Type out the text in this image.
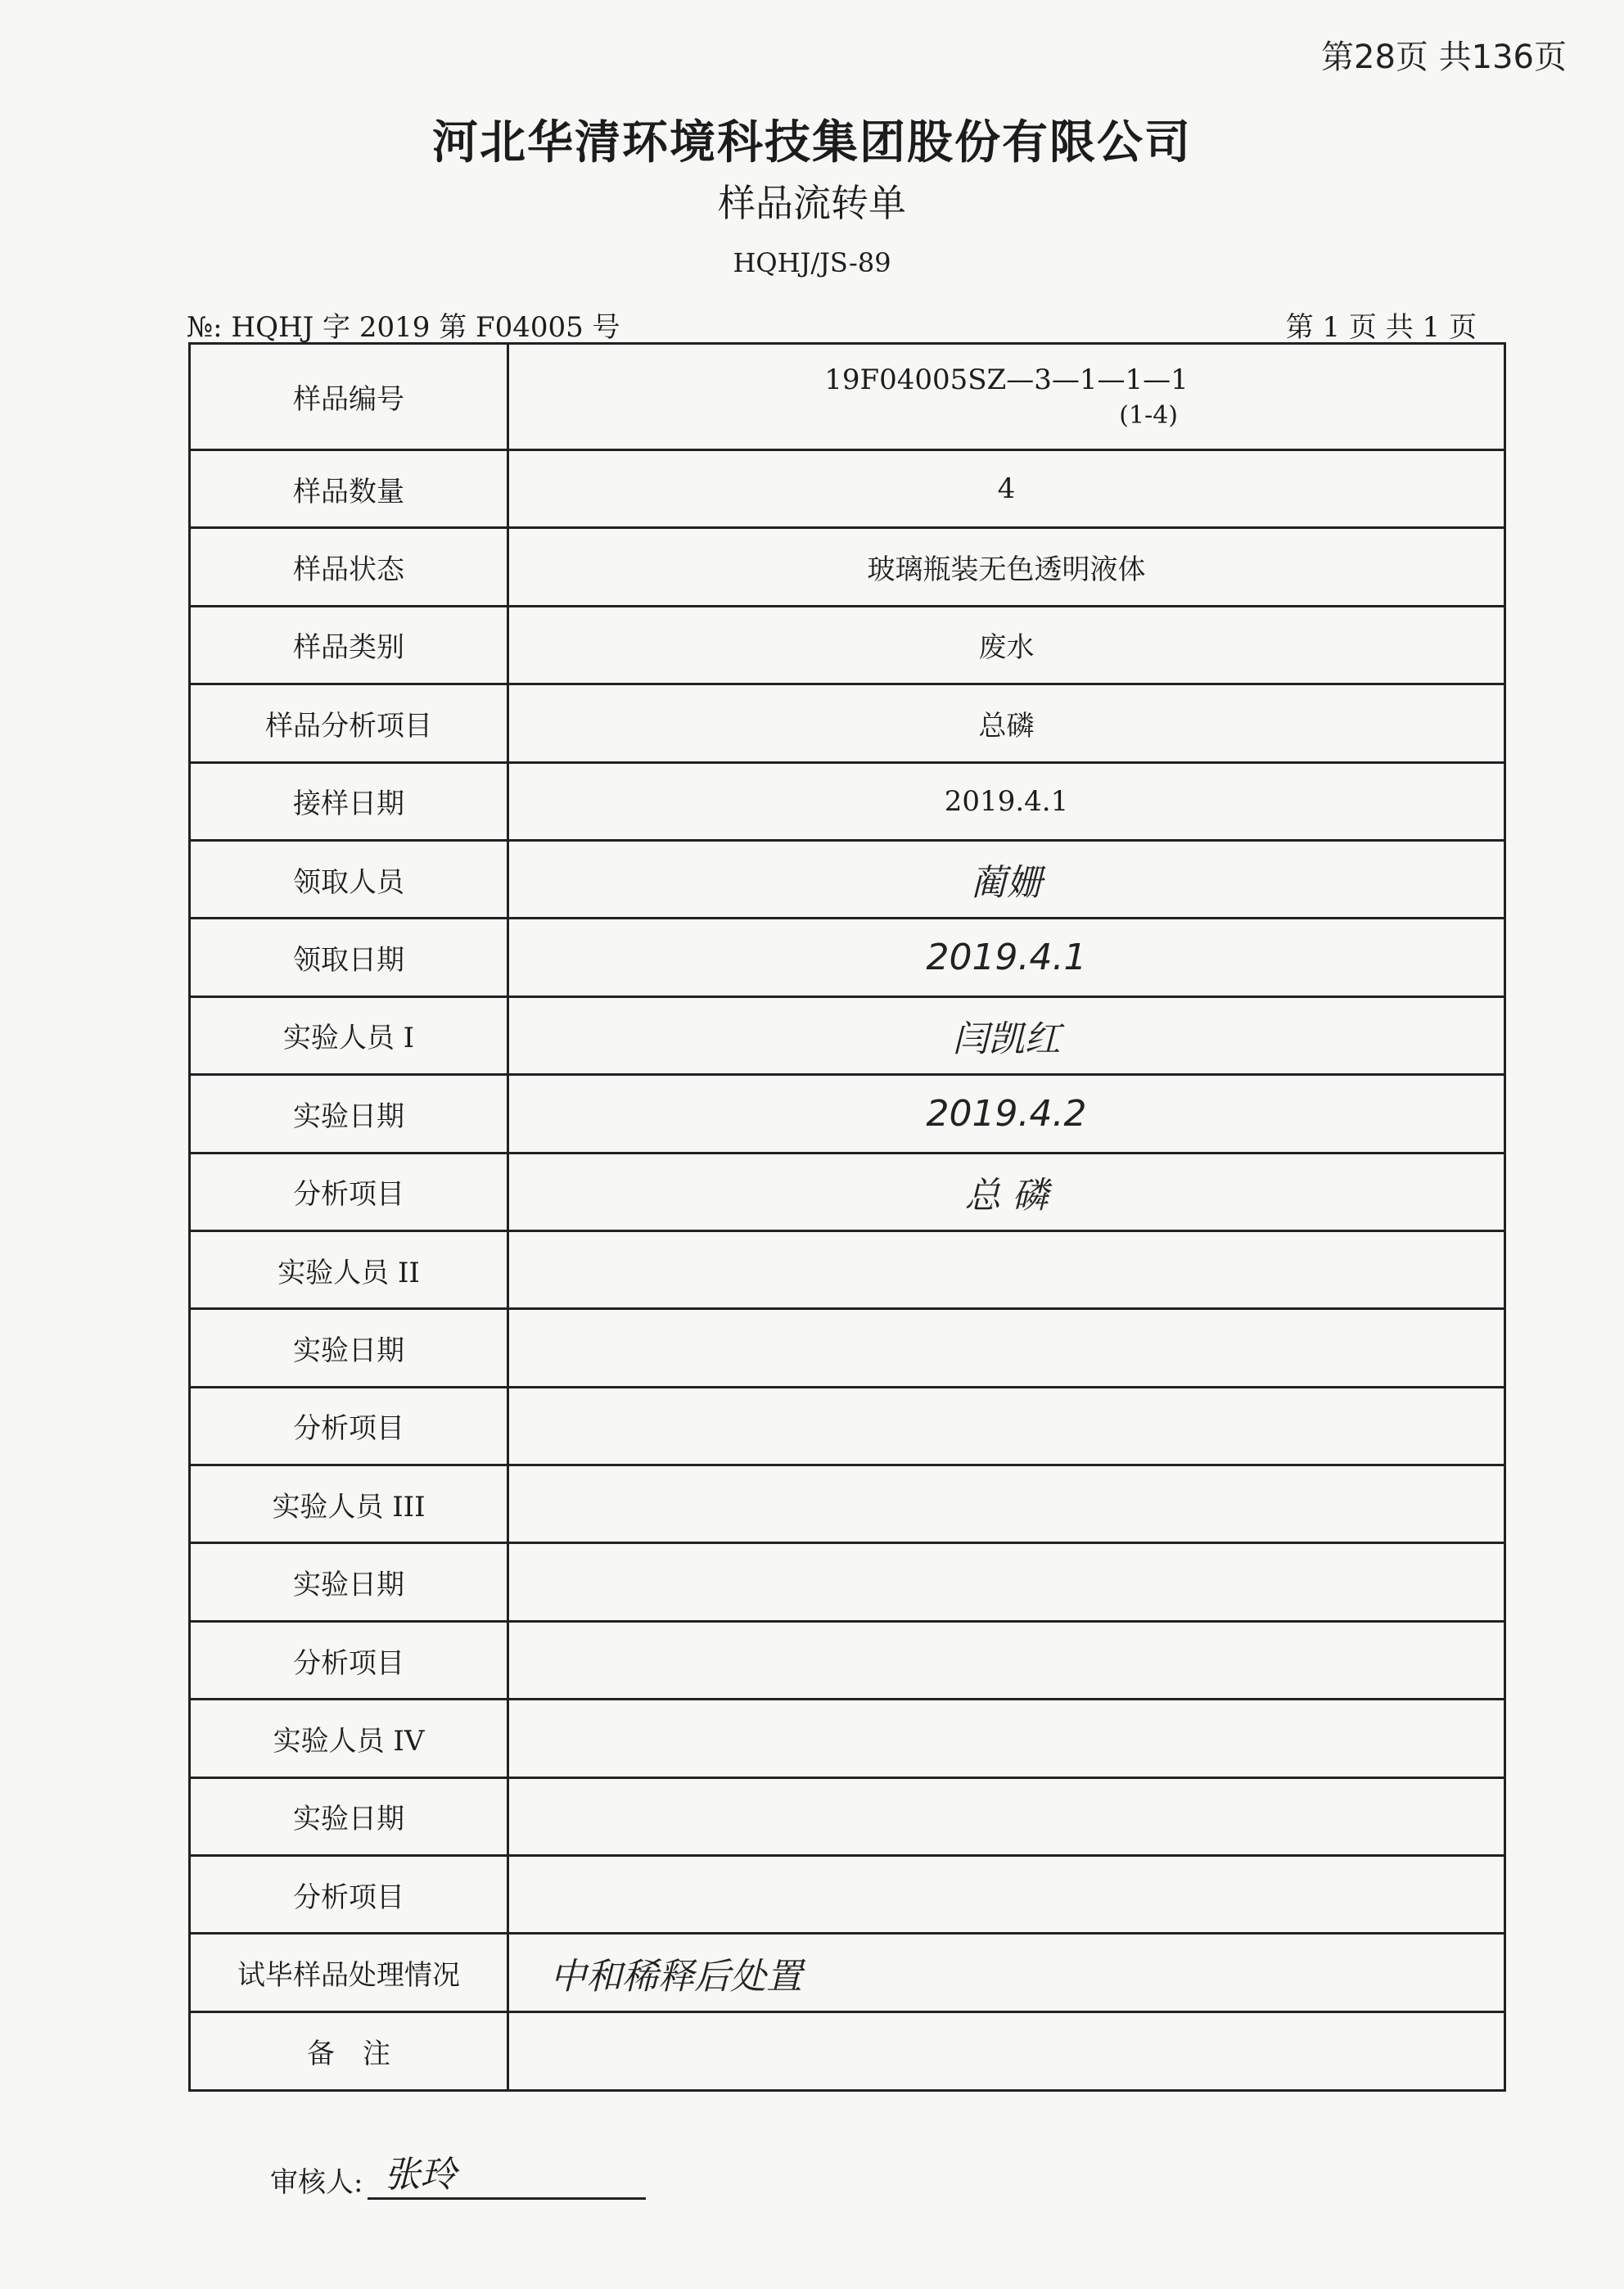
第28页 共136页
河北华清环境科技集团股份有限公司
样品流转单
HQHJ/JS-89
№: HQHJ 字 2019 第 F04005 号	第 1 页 共 1 页
样品编号	19F04005SZ—3—1—1—1
(1-4)

样品数量	4
样品状态	玻璃瓶装无色透明液体
样品类别	废水
样品分析项目	总磷
接样日期	2019.4.1
领取人员	蔺姗
领取日期	2019.4.1
实验人员 I	闫凯红
实验日期	2019.4.2
分析项目	总 磷
实验人员 II	
实验日期	
分析项目	
实验人员 III	
实验日期	
分析项目	
实验人员 IV	
实验日期	
分析项目	
试毕样品处理情况	中和稀释后处置
备　注	
审核人: 张玲
